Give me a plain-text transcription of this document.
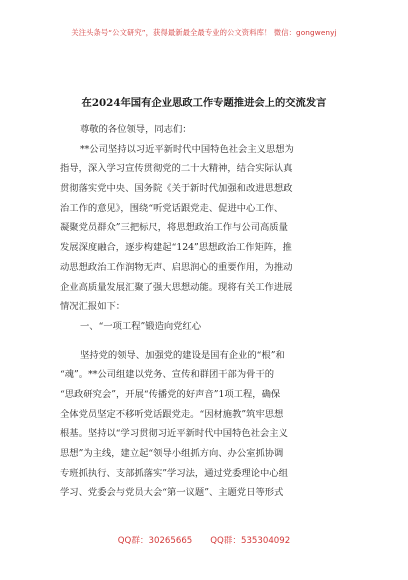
关注头条号“公文研究”，获得最新最全最专业的公文资料库！ 微信：gongwenyj
在2024年国有企业思政工作专题推进会上的交流发言
尊敬的各位领导，同志们：
**公司坚持以习近平新时代中国特色社会主义思想为
指导，深入学习宣传贯彻党的二十大精神，结合实际认真
贯彻落实党中央、国务院《关于新时代加强和改进思想政
治工作的意见》，围绕“听党话跟党走、促进中心工作、
凝聚党员群众”三把标尺，将思想政治工作与公司高质量
发展深度融合，逐步构建起“124”思想政治工作矩阵，推
动思想政治工作润物无声、启思润心的重要作用，为推动
企业高质量发展汇聚了强大思想动能。现将有关工作进展
情况汇报如下：
一、“一项工程”锻造向党红心
坚持党的领导、加强党的建设是国有企业的“根”和
“魂”。**公司组建以党务、宣传和群团干部为骨干的
“思政研究会”，开展“传播党的好声音”1项工程，确保
全体党员坚定不移听党话跟党走。“因材施教”筑牢思想
根基。坚持以“学习贯彻习近平新时代中国特色社会主义
思想”为主线，建立起“领导小组抓方向、办公室抓协调
专班抓执行、支部抓落实”学习法，通过党委理论中心组
学习、党委会与党员大会“第一议题”、主题党日等形式
QQ群：30265665 QQ群：535304092
